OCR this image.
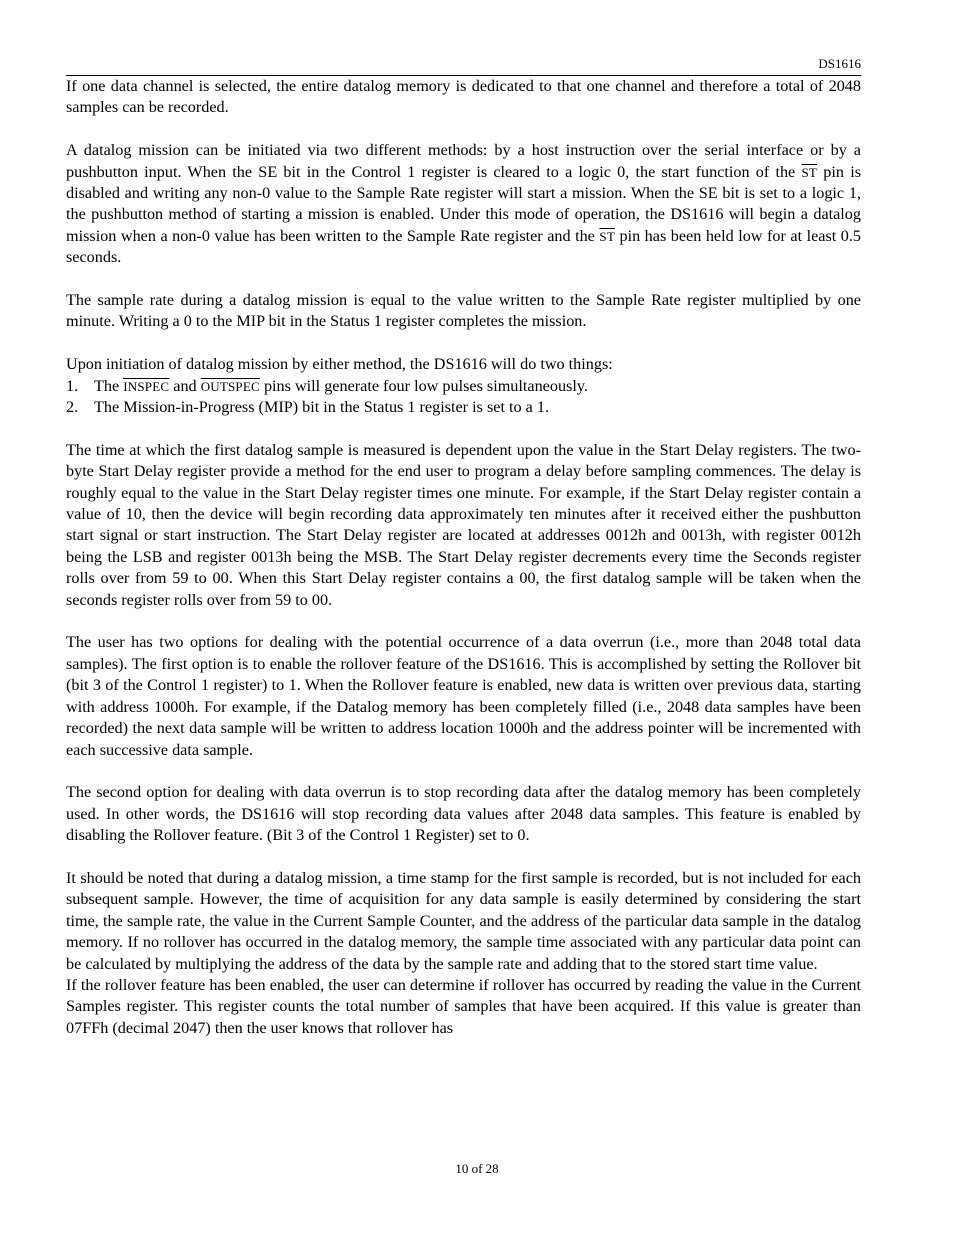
DS1616

If one data channel is selected, the entire datalog memory is dedicated to that one channel and therefore a total of 2048 samples can be recorded.

A datalog mission can be initiated via two different methods: by a host instruction over the serial interface or by a pushbutton input. When the SE bit in the Control 1 register is cleared to a logic 0, the start function of the $\overline{ST}$ pin is disabled and writing any non-0 value to the Sample Rate register will start a mission. When the SE bit is set to a logic 1, the pushbutton method of starting a mission is enabled. Under this mode of operation, the DS1616 will begin a datalog mission when a non-0 value has been written to the Sample Rate register and the $\overline{ST}$ pin has been held low for at least 0.5 seconds.

The sample rate during a datalog mission is equal to the value written to the Sample Rate register multiplied by one minute. Writing a 0 to the MIP bit in the Status 1 register completes the mission.

Upon initiation of datalog mission by either method, the DS1616 will do two things:

1. The INSPEC and OUTSPEC pins will generate four low pulses simultaneously.
2. The Mission-in-Progress (MIP) bit in the Status 1 register is set to a 1.

The time at which the first datalog sample is measured is dependent upon the value in the Start Delay registers. The two-byte Start Delay register provide a method for the end user to program a delay before sampling commences. The delay is roughly equal to the value in the Start Delay register times one minute. For example, if the Start Delay register contain a value of 10, then the device will begin recording data approximately ten minutes after it received either the pushbutton start signal or start instruction. The Start Delay register are located at addresses 0012h and 0013h, with register 0012h being the LSB and register 0013h being the MSB. The Start Delay register decrements every time the Seconds register rolls over from 59 to 00. When this Start Delay register contains a 00, the first datalog sample will be taken when the seconds register rolls over from 59 to 00.

The user has two options for dealing with the potential occurrence of a data overrun (i.e., more than 2048 total data samples). The first option is to enable the rollover feature of the DS1616. This is accomplished by setting the Rollover bit (bit 3 of the Control 1 register) to 1. When the Rollover feature is enabled, new data is written over previous data, starting with address 1000h. For example, if the Datalog memory has been completely filled (i.e., 2048 data samples have been recorded) the next data sample will be written to address location 1000h and the address pointer will be incremented with each successive data sample.

The second option for dealing with data overrun is to stop recording data after the datalog memory has been completely used. In other words, the DS1616 will stop recording data values after 2048 data samples. This feature is enabled by disabling the Rollover feature. (Bit 3 of the Control 1 Register) set to 0.

It should be noted that during a datalog mission, a time stamp for the first sample is recorded, but is not included for each subsequent sample. However, the time of acquisition for any data sample is easily determined by considering the start time, the sample rate, the value in the Current Sample Counter, and the address of the particular data sample in the datalog memory. If no rollover has occurred in the datalog memory, the sample time associated with any particular data point can be calculated by multiplying the address of the data by the sample rate and adding that to the stored start time value.

If the rollover feature has been enabled, the user can determine if rollover has occurred by reading the value in the Current Samples register. This register counts the total number of samples that have been acquired. If this value is greater than 07FFh (decimal 2047) then the user knows that rollover has

10 of 28
